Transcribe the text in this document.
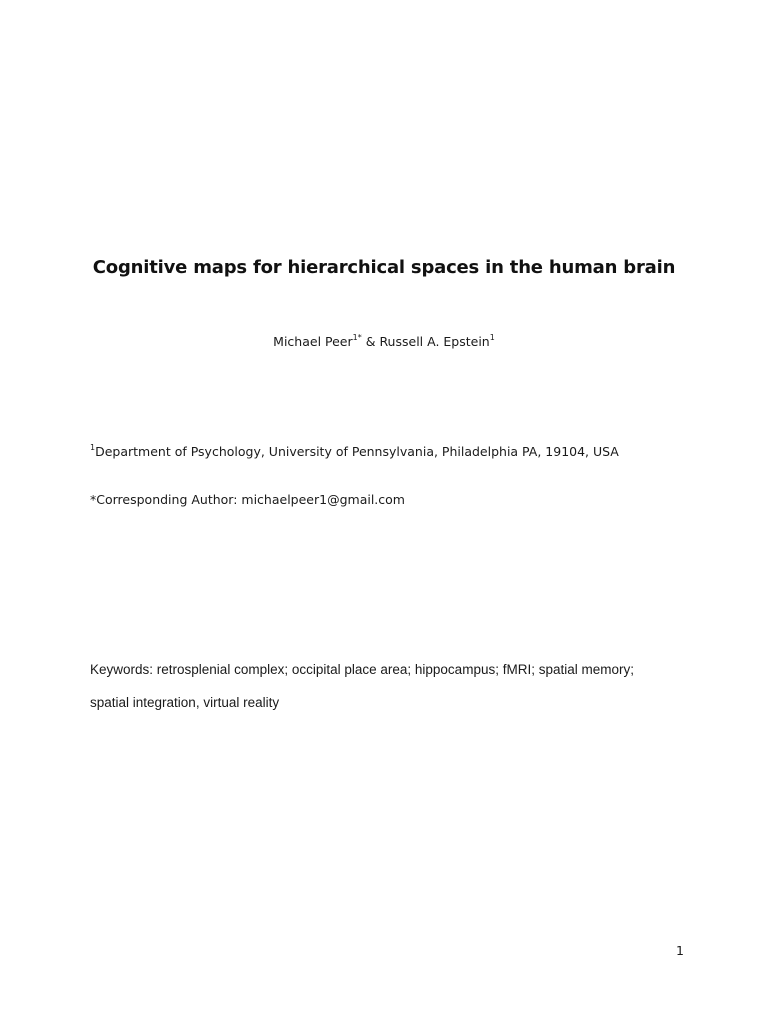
Cognitive maps for hierarchical spaces in the human brain
Michael Peer$^{1*}$ & Russell A. Epstein$^1$
$^1$Department of Psychology, University of Pennsylvania, Philadelphia PA, 19104, USA
*Corresponding Author: michaelpeer1@gmail.com
Keywords: retrosplenial complex; occipital place area; hippocampus; fMRI; spatial memory;
spatial integration, virtual reality
1
